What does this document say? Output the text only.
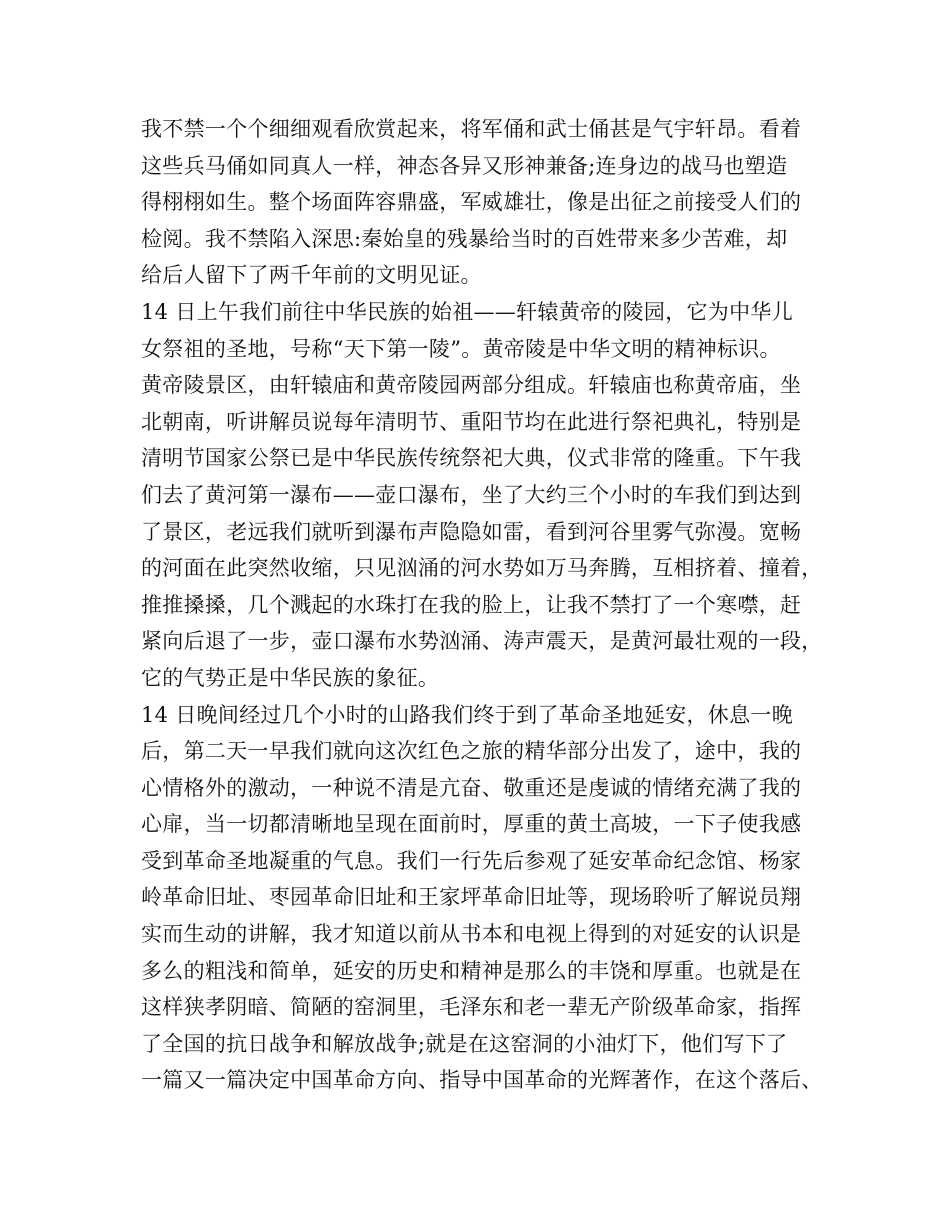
我不禁一个个细细观看欣赏起来，将军俑和武士俑甚是气宇轩昂。看着
这些兵马俑如同真人一样，神态各异又形神兼备;连身边的战马也塑造
得栩栩如生。整个场面阵容鼎盛，军威雄壮，像是出征之前接受人们的
检阅。我不禁陷入深思:秦始皇的残暴给当时的百姓带来多少苦难，却
给后人留下了两千年前的文明见证。
14 日上午我们前往中华民族的始祖——轩辕黄帝的陵园，它为中华儿
女祭祖的圣地，号称“天下第一陵”。黄帝陵是中华文明的精神标识。
黄帝陵景区，由轩辕庙和黄帝陵园两部分组成。轩辕庙也称黄帝庙，坐
北朝南，听讲解员说每年清明节、重阳节均在此进行祭祀典礼，特别是
清明节国家公祭已是中华民族传统祭祀大典，仪式非常的隆重。下午我
们去了黄河第一瀑布——壶口瀑布，坐了大约三个小时的车我们到达到
了景区，老远我们就听到瀑布声隐隐如雷，看到河谷里雾气弥漫。宽畅
的河面在此突然收缩，只见汹涌的河水势如万马奔腾，互相挤着、撞着，
推推搡搡，几个溅起的水珠打在我的脸上，让我不禁打了一个寒噤，赶
紧向后退了一步，壶口瀑布水势汹涌、涛声震天，是黄河最壮观的一段，
它的气势正是中华民族的象征。
14 日晚间经过几个小时的山路我们终于到了革命圣地延安，休息一晚
后，第二天一早我们就向这次红色之旅的精华部分出发了，途中，我的
心情格外的激动，一种说不清是亢奋、敬重还是虔诚的情绪充满了我的
心扉，当一切都清晰地呈现在面前时，厚重的黄土高坡，一下子使我感
受到革命圣地凝重的气息。我们一行先后参观了延安革命纪念馆、杨家
岭革命旧址、枣园革命旧址和王家坪革命旧址等，现场聆听了解说员翔
实而生动的讲解，我才知道以前从书本和电视上得到的对延安的认识是
多么的粗浅和简单，延安的历史和精神是那么的丰饶和厚重。也就是在
这样狭孝阴暗、简陋的窑洞里，毛泽东和老一辈无产阶级革命家，指挥
了全国的抗日战争和解放战争;就是在这窑洞的小油灯下，他们写下了
一篇又一篇决定中国革命方向、指导中国革命的光辉著作，在这个落后、
